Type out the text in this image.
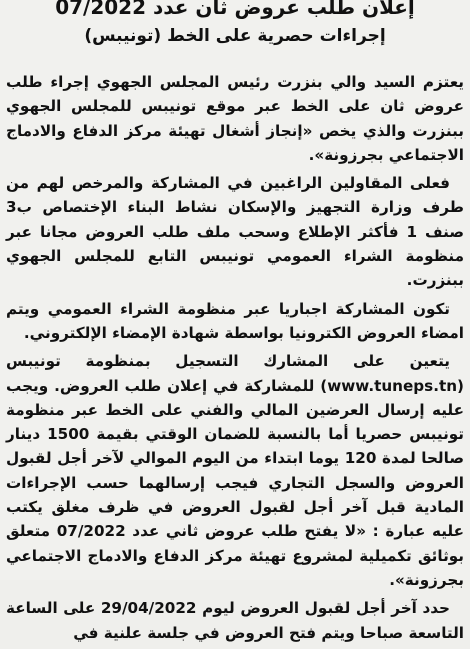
إعلان طلب عروض ثان عدد 07/2022
إجراءات حصرية على الخط (تونيبس)

يعتزم السيد والي بنزرت رئيس المجلس الجهوي إجراء طلب عروض ثان على الخط عبر موقع تونيبس للمجلس الجهوي ببنزرت والذي يخص «إنجاز أشغال تهيئة مركز الدفاع والادماج الاجتماعي بجرزونة».

فعلى المقاولين الراغبين في المشاركة والمرخص لهم من طرف وزارة التجهيز والإسكان نشاط البناء الإختصاص ب3 صنف 1 فأكثر الإطلاع وسحب ملف طلب العروض مجانا عبر منظومة الشراء العمومي تونيبس التابع للمجلس الجهوي ببنزرت.

تكون المشاركة اجباريا عبر منظومة الشراء العمومي ويتم امضاء العروض الكترونيا بواسطة شهادة الإمضاء الإلكتروني.

يتعين على المشارك التسجيل بمنظومة تونيبس (www.tuneps.tn) للمشاركة في إعلان طلب العروض. ويجب عليه إرسال العرضين المالي والفني على الخط عبر منظومة تونيبس حصريا أما بالنسبة للضمان الوقتي بقيمة 1500 دينار صالحا لمدة 120 يوما ابتداء من اليوم الموالي لآخر أجل لقبول العروض والسجل التجاري فيجب إرسالهما حسب الإجراءات المادية قبل آخر أجل لقبول العروض في ظرف مغلق يكتب عليه عبارة : «لا يفتح طلب عروض ثاني عدد 07/2022 متعلق بوثائق تكميلية لمشروع تهيئة مركز الدفاع والادماج الاجتماعي بجرزونة».

حدد آخر أجل لقبول العروض ليوم 29/04/2022 على الساعة التاسعة صباحا ويتم فتح العروض في جلسة علنية في
